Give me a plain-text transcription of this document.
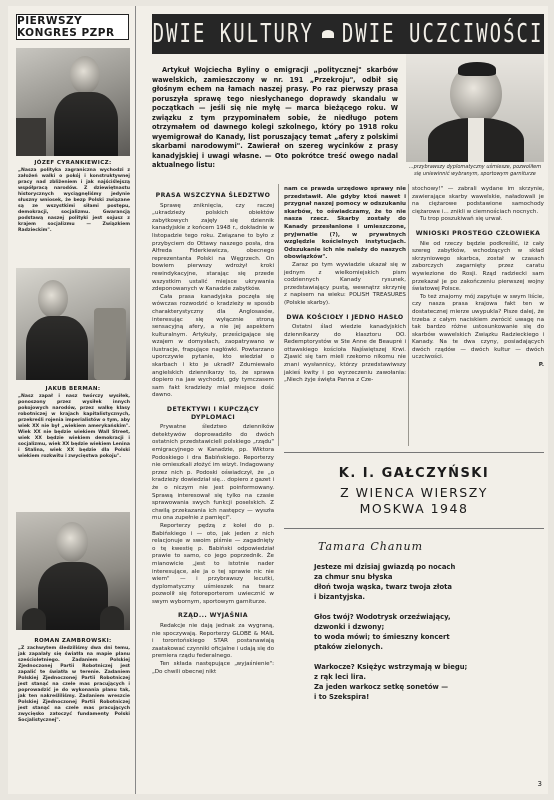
PIERWSZY KONGRES PZPR
JÓZEF CYRANKIEWICZ:
„Nasza polityka zagraniczna wychodzi z założeń walki o pokój i konstruktywnej pracy nad zbliżeniem i jak najściślejszą współpracą narodów. Z dziewiętnastu historycznych wyciągnęliśmy jedynie słuszny wniosek, że bezp Polski związane są ze wszystkimi siłami postępu, demokracji, socjalizmu. Gwarancją podstawą naszej polityki jest sojusz z krajem socjalizmu — Związkiem Radzieckim".
JAKUB BERMAN:
„Nasz zapał i nasz twórczy wysiłek, ponoszony przez wysiłek innych pokojowych narodów, przez walkę klasy robotniczej w krajach kapitalistycznych, przekreśli rojenia imperialistów o tym, aby wiek XX nie był „wiekiem amerykańskim". Wiek XX nie będzie wiekiem Wall Street, wiek XX będzie wiekiem demokracji i socjalizmu, wiek XX będzie wiekiem Lenina i Stalina, wiek XX będzie dla Polski wiekiem rozkwitu i zwycięstwa pokoju".
ROMAN ZAMBROWSKI:
„Z zachwytem śledziliśmy dwa dni temu, jak zapalały się światła na mapie planu sześcioletniego. Zadaniem Polskiej Zjednoczonej Partii Robotniczej jest zapalić te światła w terenie. Zadaniem Polskiej Zjednoczonej Partii Robotniczej jest stanąć na czele mas pracujących i poprowadzić je do wykonania planu tak, jak ten nakreśliliśmy. Zadaniem wreszcie Polskiej Zjednoczonej Partii Robotniczej jest stanąć na czele mas pracujących zwycięsko zatoczyć fundamenty Polski Socjalistycznej".
DWIE KULTURY DWIE UCZCIWOŚCI
Artykuł Wojciecha Byliny o emigracji „politycznej" skarbów wawelskich, zamieszczony w nr. 191 „Przekroju", odbił się głośnym echem na łamach naszej prasy. Po raz pierwszy prasa poruszyła sprawę tego niesłychanego doprawdy skandalu w początkach — jeśli się nie myłę — marca bieżącego roku. W związku z tym przypominałem sobie, że niedługo potem otrzymałem od dawnego kolegi szkolnego, który po 1918 roku wyemigrował do Kanady, list poruszający temat „afery z polskimi skarbami narodowymi". Zawierał on szereg wycinków z prasy kanadyjskiej i uwagi własne. — Oto pokrótce treść owego nadal aktualnego listu:	...przybrawszy dyplomatyczny uśmiesze, pozwoliłem się uniewinnić wybranym, sportowym garniturze
PRASA WSZCZYNA ŚLEDZTWO

Sprawę zniknięcia, czy raczej „ukradzieży polskich obiektów zabytkowych zajęły się dziennik kanadyjskie z końcem 1948 r., dokładnie w listopadzie tego roku. Związane to było z przybyciem do Ottawy naszego posła, dra Alfreda Fiderkiewicza, obecnego reprezentanta Polski na Węgrzech. On bowiem pierwszy wdrożył kroki rewindykacyjne, starając się przede wszystkim ustalić miejsce ukrywania zdeponowanych w Kanadzie zabytków.

Cała prasa kanadyjska poczęła się wówczas rozwodzić o kradzieży w sposób charakterystyczny dla Anglosasów, interesując się wyłącznie stroną sensacyjną afery, a nie jej aspektem kulturalnym. Artykuły, prześcigające się wzajem w domysłach, zaopatrywano w ilustracje, frapujące nagłówki. Powtarzano uporczywie pytanie, kto wiedział o skarbach i kto je ukradł? Zdumiewało angielskich dziennikarzy to, że sprawa dopiero na jaw wychodzi, gdy tymczasem sam fakt kradzieży miał miejsce dość dawno.

DETEKTYWI I KUPCZĄCY DYPLOMACI

Prywatne śledztwo dzienników detektywów doprowadziło do dwóch ostatnich przedstawicieli polskiego „rządu" emigracyjnego w Kanadzie, pp. Wiktora Podoskiego i dra Babińskiego. Reporterzy nie omieszkali złożyć im wizyt. Indagowany przez nich p. Podoski oświadczył, że „o kradzieży dowiedział się... dopiero z gazet i że o niczym nie jest poinformowany. Sprawą interesował się tylko na czasie sprawowania swych funkcji poselskich. Z chwilą przekazania ich następcy — wyszła mu ona zupełnie z pamięci".

Reporterzy pędzą z kolei do p. Babińskiego i — oto, jak jeden z nich relacjonuje w swoim piśmie — zagadnięty o tę kwestię p. Babiński odpowiedział prawie to samo, co jego poprzednik. Że mianowicie „jest to istotnie nader interesujące, ale ja o tej sprawie nic nie wiem" — i przybrawszy lecutki, dyplomatyczny uśmieszek na twarz pozwolił się fotoreporterom uwiecznić w swym wybornym, sportowym garniturze.

RZĄD... WYJAŚNIA

Redakcje nie dają jednak za wygraną, nie spoczywają. Reporterzy GLOBE & MAIL i torontońskiego STAR postanawiają zaatakować czynniki oficjalne i udają się do premiera rządu federalnego.

Ten składa następujące „wyjaśnienie": „Do chwili obecnej nikt

nam ce prawda urzędowo sprawy nie przedstawił. Ale gdyby ktoś nawet i przygnał naszej pomocy w odszukaniu skarbów, to oświadczamy, że to nie nasza rzecz. Skarby zostały do Kanady przesłanione i umieszczone, pryjwnatie (?), w prywatnych względzie kościelnych instytucjach. Odszukanie ich nie należy do naszych obowiązków".

Zaraz po tym wywiadzie ukazał się w jednym z wielkomiejskich pism codziennych Kanady rysunek, przedstawiający pustą, wewnątrz skrzynię z napisem na wieku: POLISH TREASURES (Polskie skarby).

DWA KOŚCIOŁY I JEDNO HASŁO

Ostatni ślad wiedzie kanadyjskich dziennikarzy do klasztoru OO. Redemptorystów w Ste Anne de Beaupré i ottawskiego kościoła Najświętszej Krwi. Zjawić się tam mieli rzekomo nikomu nie znani wysłannicy, którzy przedstawiwszy jakieś kwity i po wyrzeczeniu zawołania: „Niech żyje święta Panna z Cze-

stochowy!" — zabrali wydane im skrzynie, zawierające skarby wawelskie, naładowali je na ciężarowe podstawione samochody ciężarowe i... znikli w ciemnościach nocnych.

Tu trop poszukiwań się urwał.

WNIOSKI PROSTEGO CZŁOWIEKA

Nie od rzeczy będzie podkreślić, iż cały szereg zabytków, wchodzących w skład skrzyniowego skarbca, został w czasach zaborczych zagarnięty przez caratu wywiezione do Rosji. Rząd radziecki sam przekazał je po zakończeniu pierwszej wojny światowej Polsce.

To też znajomy mój zapytuje w swym liście, czy nasza prasa krajowa fakt ten w dostatecznej mierze uwypukla? Pisze dalej, że trzeba z całym naciskiem zwrócić uwagę na tak bardzo różne ustosunkowanie się do skarbów wawelskich Związku Radzieckiego i Kanady. Na te dwa czyny, posiadających dwóch rządów — dwóch kultur — dwóch uczciwości.

P.

K. I. GAŁCZYŃSKI
Z WIENCA WIERSZY
MOSKWA 1948
Tamara Chanum
Jesteze mi dzisiaj gwiazdą po nocach
za chmur snu błyska
dłoń twoja wąska, twarz twoja złota
i bizantyjska.
Głos twój? Wodotrysk orzeźwiający,
dzwonki i dzwony;
to woda mówi; to śmieszny koncert
ptaków zielonych.
Warkocze? Księżyc wstrzymają w biegu;
z rąk leci lira.
Za jeden warkocz setkę sonetów —
i to Szekspira!
3
